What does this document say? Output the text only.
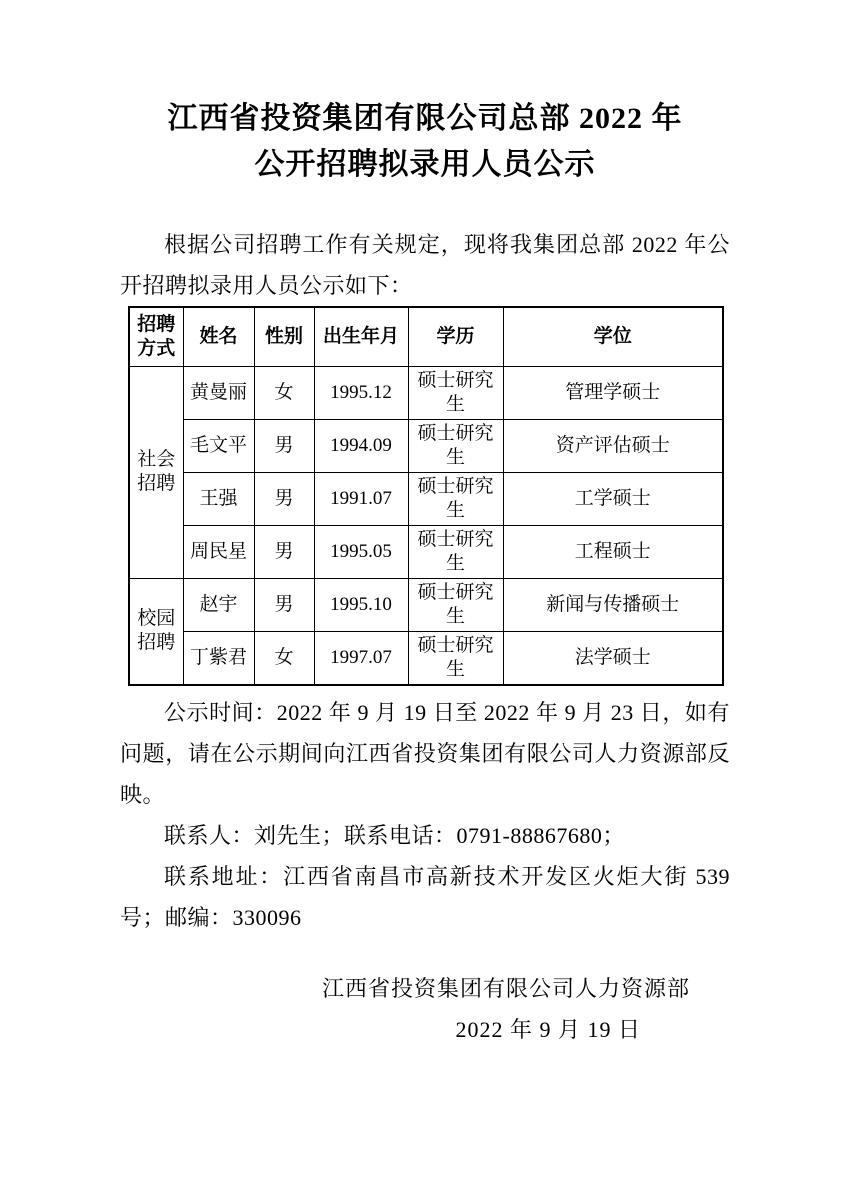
江西省投资集团有限公司总部 2022 年
公开招聘拟录用人员公示

根据公司招聘工作有关规定，现将我集团总部 2022 年公开招聘拟录用人员公示如下：

招聘方式	姓名	性别	出生年月	学历	学位
社会招聘	黄曼丽	女	1995.12	硕士研究生	管理学硕士
	毛文平	男	1994.09	硕士研究生	资产评估硕士
	王强	男	1991.07	硕士研究生	工学硕士
	周民星	男	1995.05	硕士研究生	工程硕士
校园招聘	赵宇	男	1995.10	硕士研究生	新闻与传播硕士
	丁紫君	女	1997.07	硕士研究生	法学硕士

公示时间：2022 年 9 月 19 日至 2022 年 9 月 23 日，如有问题，请在公示期间向江西省投资集团有限公司人力资源部反映。

联系人：刘先生；联系电话：0791-88867680；

联系地址：江西省南昌市高新技术开发区火炬大街 539 号；邮编：330096

江西省投资集团有限公司人力资源部
2022 年 9 月 19 日
